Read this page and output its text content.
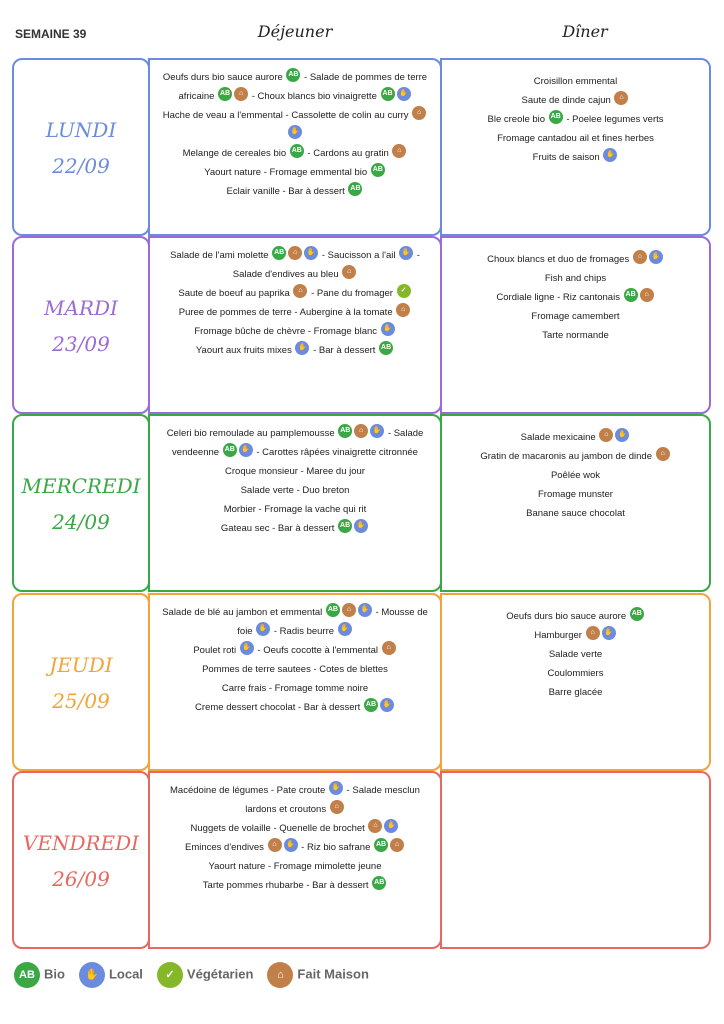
SEMAINE 39	Déjeuner	Dîner
Oeufs durs bio sauce aurore AB - Salade de pommes de terre
africaine AB ⌂ - Choux blancs bio vinaigrette AB ✋
Hache de veau a l'emmental - Cassolette de colin au curry ⌂
✋
Melange de cereales bio AB - Cardons au gratin ⌂
Yaourt nature - Fromage emmental bio AB
Eclair vanille - Bar à dessert AB
Croisillon emmental
Saute de dinde cajun ⌂
Ble creole bio AB - Poelee legumes verts
Fromage cantadou ail et fines herbes
Fruits de saison ✋
LUNDI
22/09
Salade de l'ami molette AB ⌂ ✋ - Saucisson a l'ail ✋ -
Salade d'endives au bleu ⌂
Saute de boeuf au paprika ⌂ - Pane du fromager ✓
Puree de pommes de terre - Aubergine à la tomate ⌂
Fromage bûche de chèvre - Fromage blanc ✋
Yaourt aux fruits mixes ✋ - Bar à dessert AB
Choux blancs et duo de fromages ⌂ ✋
Fish and chips
Cordiale ligne - Riz cantonais AB ⌂
Fromage camembert
Tarte normande
MARDI
23/09
Celeri bio remoulade au pamplemousse AB ⌂ ✋ - Salade
vendeenne AB ✋ - Carottes râpées vinaigrette citronnée
Croque monsieur - Maree du jour
Salade verte - Duo breton
Morbier - Fromage la vache qui rit
Gateau sec - Bar à dessert AB ✋
Salade mexicaine ⌂ ✋
Gratin de macaronis au jambon de dinde ⌂
Poêlée wok
Fromage munster
Banane sauce chocolat
MERCREDI
24/09
Salade de blé au jambon et emmental AB ⌂ ✋ - Mousse de
foie ✋ - Radis beurre ✋
Poulet roti ✋ - Oeufs cocotte à l'emmental ⌂
Pommes de terre sautees - Cotes de blettes
Carre frais - Fromage tomme noire
Creme dessert chocolat - Bar à dessert AB ✋
Oeufs durs bio sauce aurore AB
Hamburger ⌂ ✋
Salade verte
Coulommiers
Barre glacée
JEUDI
25/09
Macédoine de légumes - Pate croute ✋ - Salade mesclun
lardons et croutons ⌂
Nuggets de volaille - Quenelle de brochet ⌂ ✋
Eminces d'endives ⌂ ✋ - Riz bio safrane AB ⌂
Yaourt nature - Fromage mimolette jeune
Tarte pommes rhubarbe - Bar à dessert AB
VENDREDI
26/09
AB Bio ✋ Local ✓ Végétarien ⌂ Fait Maison
